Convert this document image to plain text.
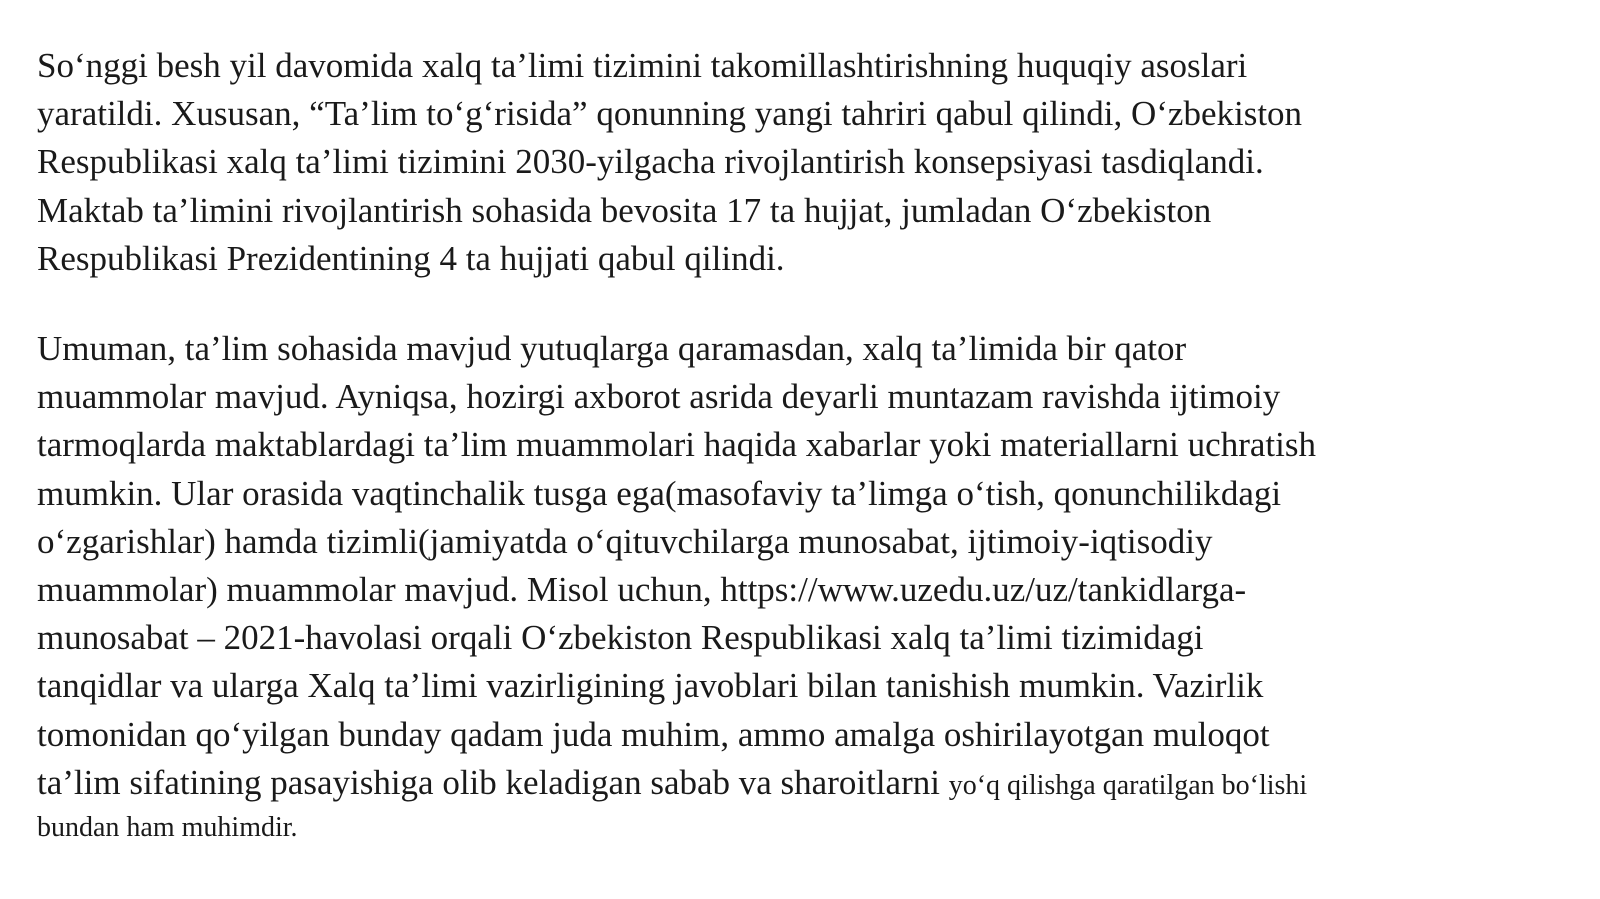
So‘nggi besh yil davomida xalq ta’limi tizimini takomillashtirishning huquqiy asoslari
yaratildi. Xususan, “Ta’lim to‘g‘risida” qonunning yangi tahriri qabul qilindi, O‘zbekiston
Respublikasi xalq ta’limi tizimini 2030-yilgacha rivojlantirish konsepsiyasi tasdiqlandi.
Maktab ta’limini rivojlantirish sohasida bevosita 17 ta hujjat, jumladan O‘zbekiston
Respublikasi Prezidentining 4 ta hujjati qabul qilindi.

Umuman, ta’lim sohasida mavjud yutuqlarga qaramasdan, xalq ta’limida bir qator
muammolar mavjud. Ayniqsa, hozirgi axborot asrida deyarli muntazam ravishda ijtimoiy
tarmoqlarda maktablardagi ta’lim muammolari haqida xabarlar yoki materiallarni uchratish
mumkin. Ular orasida vaqtinchalik tusga ega(masofaviy ta’limga o‘tish, qonunchilikdagi
o‘zgarishlar) hamda tizimli(jamiyatda o‘qituvchilarga munosabat, ijtimoiy-iqtisodiy
muammolar) muammolar mavjud. Misol uchun, https://www.uzedu.uz/uz/tankidlarga-
munosabat – 2021-havolasi orqali O‘zbekiston Respublikasi xalq ta’limi tizimidagi
tanqidlar va ularga Xalq ta’limi vazirligining javoblari bilan tanishish mumkin. Vazirlik
tomonidan qo‘yilgan bunday qadam juda muhim, ammo amalga oshirilayotgan muloqot
ta’lim sifatining pasayishiga olib keladigan sabab va sharoitlarni yo‘q qilishga qaratilgan bo‘lishi
bundan ham muhimdir.
